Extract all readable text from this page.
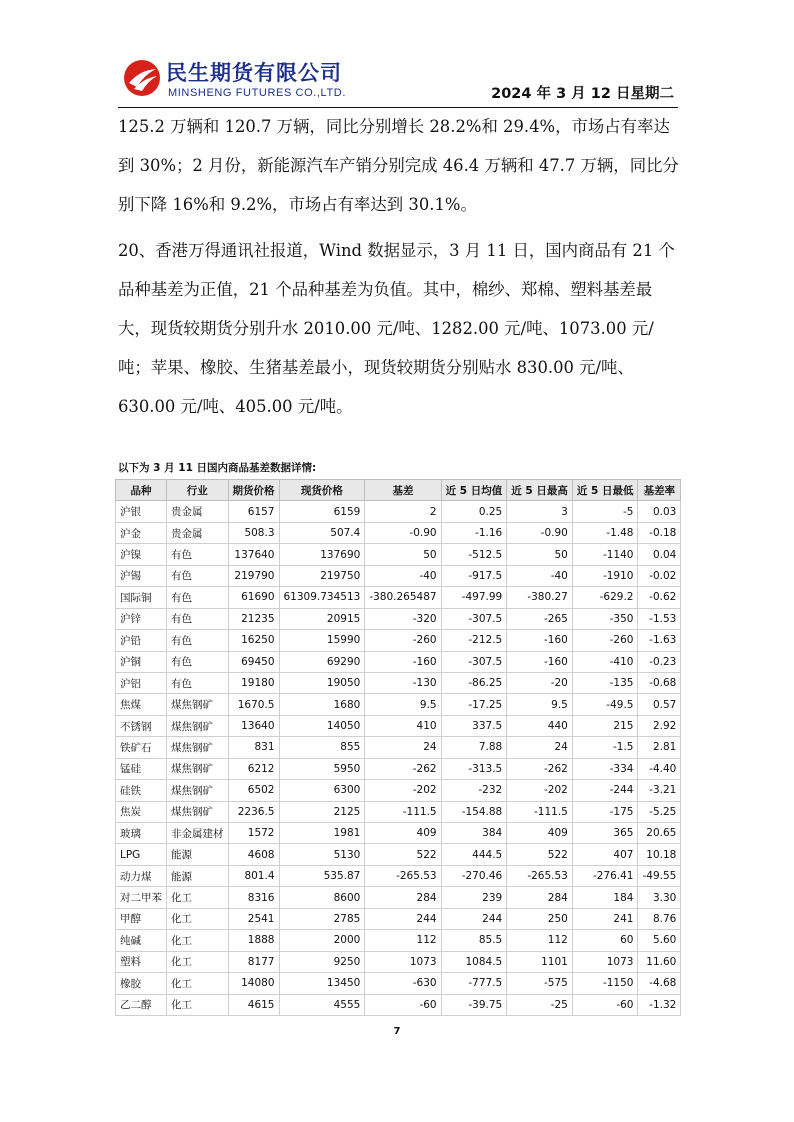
民生期货有限公司
MINSHENG FUTURES CO.,LTD.	2024 年 3 月 12 日星期二

125.2 万辆和 120.7 万辆，同比分别增长 28.2%和 29.4%，市场占有率达到 30%；2 月份，新能源汽车产销分别完成 46.4 万辆和 47.7 万辆，同比分别下降 16%和 9.2%，市场占有率达到 30.1%。

20、香港万得通讯社报道，Wind 数据显示，3 月 11 日，国内商品有 21 个品种基差为正值，21 个品种基差为负值。其中，棉纱、郑棉、塑料基差最大，现货较期货分别升水 2010.00 元/吨、1282.00 元/吨、1073.00 元/吨；苹果、橡胶、生猪基差最小，现货较期货分别贴水 830.00 元/吨、630.00 元/吨、405.00 元/吨。

以下为 3 月 11 日国内商品基差数据详情:
品种	行业	期货价格	现货价格	基差	近 5 日均值	近 5 日最高	近 5 日最低	基差率
沪银	贵金属	6157	6159	2	0.25	3	-5	0.03
沪金	贵金属	508.3	507.4	-0.90	-1.16	-0.90	-1.48	-0.18
沪镍	有色	137640	137690	50	-512.5	50	-1140	0.04
沪锡	有色	219790	219750	-40	-917.5	-40	-1910	-0.02
国际铜	有色	61690	61309.734513	-380.265487	-497.99	-380.27	-629.2	-0.62
沪锌	有色	21235	20915	-320	-307.5	-265	-350	-1.53
沪铅	有色	16250	15990	-260	-212.5	-160	-260	-1.63
沪铜	有色	69450	69290	-160	-307.5	-160	-410	-0.23
沪铝	有色	19180	19050	-130	-86.25	-20	-135	-0.68
焦煤	煤焦钢矿	1670.5	1680	9.5	-17.25	9.5	-49.5	0.57
不锈钢	煤焦钢矿	13640	14050	410	337.5	440	215	2.92
铁矿石	煤焦钢矿	831	855	24	7.88	24	-1.5	2.81
锰硅	煤焦钢矿	6212	5950	-262	-313.5	-262	-334	-4.40
硅铁	煤焦钢矿	6502	6300	-202	-232	-202	-244	-3.21
焦炭	煤焦钢矿	2236.5	2125	-111.5	-154.88	-111.5	-175	-5.25
玻璃	非金属建材	1572	1981	409	384	409	365	20.65
LPG	能源	4608	5130	522	444.5	522	407	10.18
动力煤	能源	801.4	535.87	-265.53	-270.46	-265.53	-276.41	-49.55
对二甲苯	化工	8316	8600	284	239	284	184	3.30
甲醇	化工	2541	2785	244	244	250	241	8.76
纯碱	化工	1888	2000	112	85.5	112	60	5.60
塑料	化工	8177	9250	1073	1084.5	1101	1073	11.60
橡胶	化工	14080	13450	-630	-777.5	-575	-1150	-4.68
乙二醇	化工	4615	4555	-60	-39.75	-25	-60	-1.32
7
